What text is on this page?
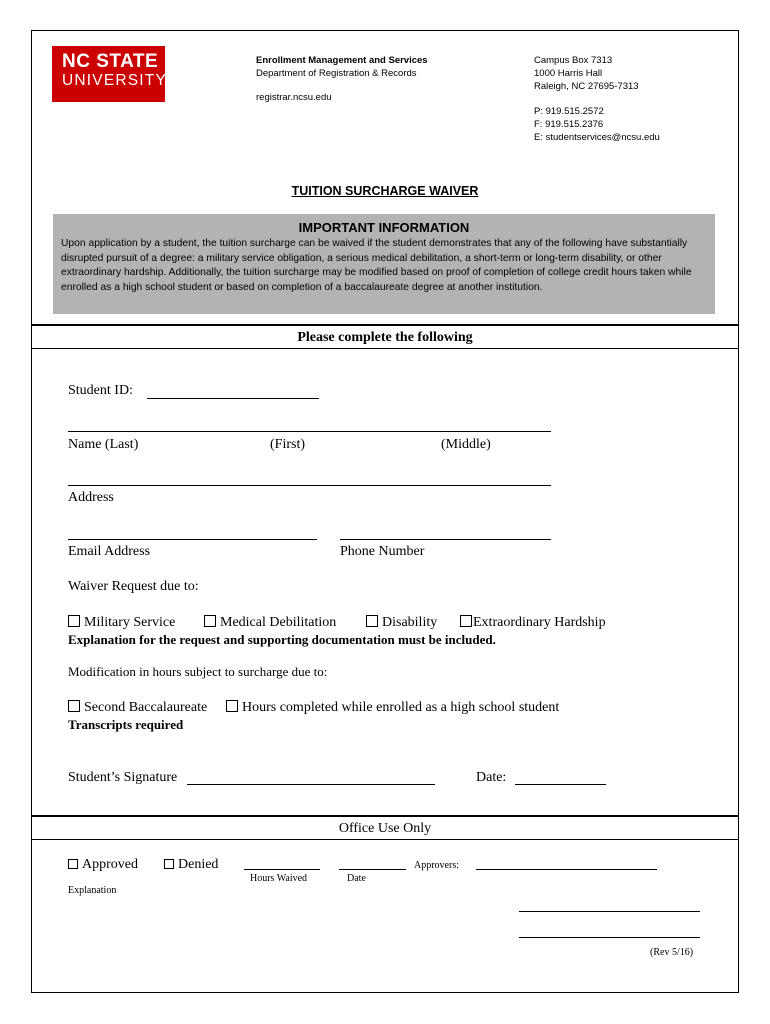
NC STATE
UNIVERSITY
Enrollment Management and Services
Department of Registration & Records
registrar.ncsu.edu
Campus Box 7313
1000 Harris Hall
Raleigh, NC 27695-7313
P: 919.515.2572
F: 919.515.2376
E: studentservices@ncsu.edu
TUITION SURCHARGE WAIVER
IMPORTANT INFORMATION
Upon application by a student, the tuition surcharge can be waived if the student demonstrates that any of the following have substantially disrupted pursuit of a degree: a military service obligation, a serious medical debilitation, a short-term or long-term disability, or other extraordinary hardship. Additionally, the tuition surcharge may be modified based on proof of completion of college credit hours taken while enrolled as a high school student or based on completion of a baccalaureate degree at another institution.
Please complete the following
Student ID:
Name (Last)	(First)	(Middle)
Address
Email Address	Phone Number
Waiver Request due to:
Military Service	Medical Debilitation	Disability	Extraordinary Hardship
Explanation for the request and supporting documentation must be included.
Modification in hours subject to surcharge due to:
Second Baccalaureate	Hours completed while enrolled as a high school student
Transcripts required
Student’s Signature	Date:
Office Use Only
Approved	Denied
Hours Waived	Date
Approvers:
Explanation
(Rev 5/16)
